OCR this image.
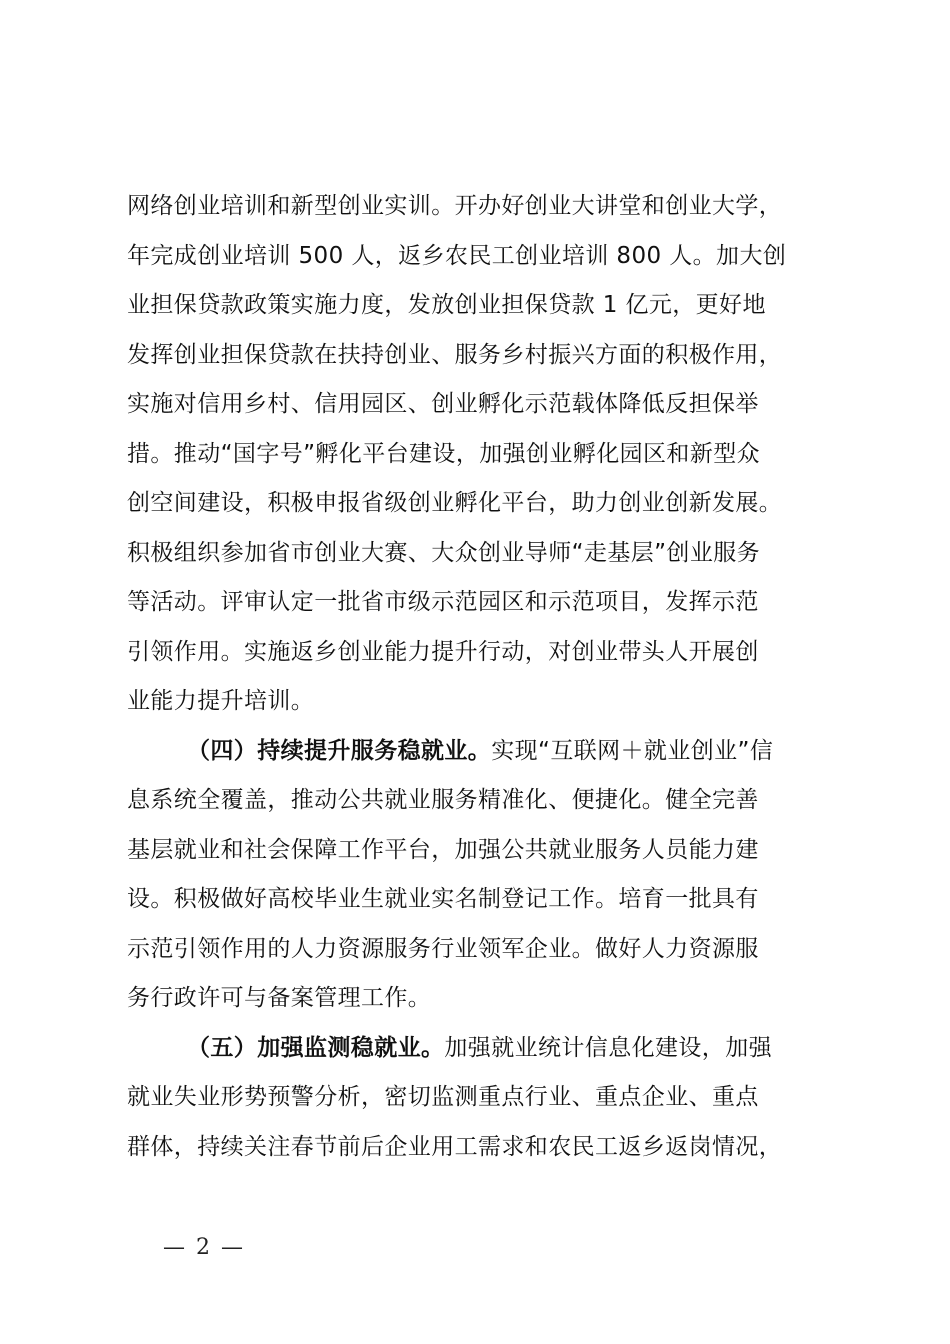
网络创业培训和新型创业实训。开办好创业大讲堂和创业大学，
年完成创业培训 500 人，返乡农民工创业培训 800 人。加大创
业担保贷款政策实施力度，发放创业担保贷款 1 亿元，更好地
发挥创业担保贷款在扶持创业、服务乡村振兴方面的积极作用，
实施对信用乡村、信用园区、创业孵化示范载体降低反担保举
措。推动“国字号”孵化平台建设，加强创业孵化园区和新型众
创空间建设，积极申报省级创业孵化平台，助力创业创新发展。
积极组织参加省市创业大赛、大众创业导师“走基层”创业服务
等活动。评审认定一批省市级示范园区和示范项目，发挥示范
引领作用。实施返乡创业能力提升行动，对创业带头人开展创
业能力提升培训。
（四）持续提升服务稳就业。实现“互联网＋就业创业”信
息系统全覆盖，推动公共就业服务精准化、便捷化。健全完善
基层就业和社会保障工作平台，加强公共就业服务人员能力建
设。积极做好高校毕业生就业实名制登记工作。培育一批具有
示范引领作用的人力资源服务行业领军企业。做好人力资源服
务行政许可与备案管理工作。
（五）加强监测稳就业。加强就业统计信息化建设，加强
就业失业形势预警分析，密切监测重点行业、重点企业、重点
群体，持续关注春节前后企业用工需求和农民工返乡返岗情况，
— 2 —
